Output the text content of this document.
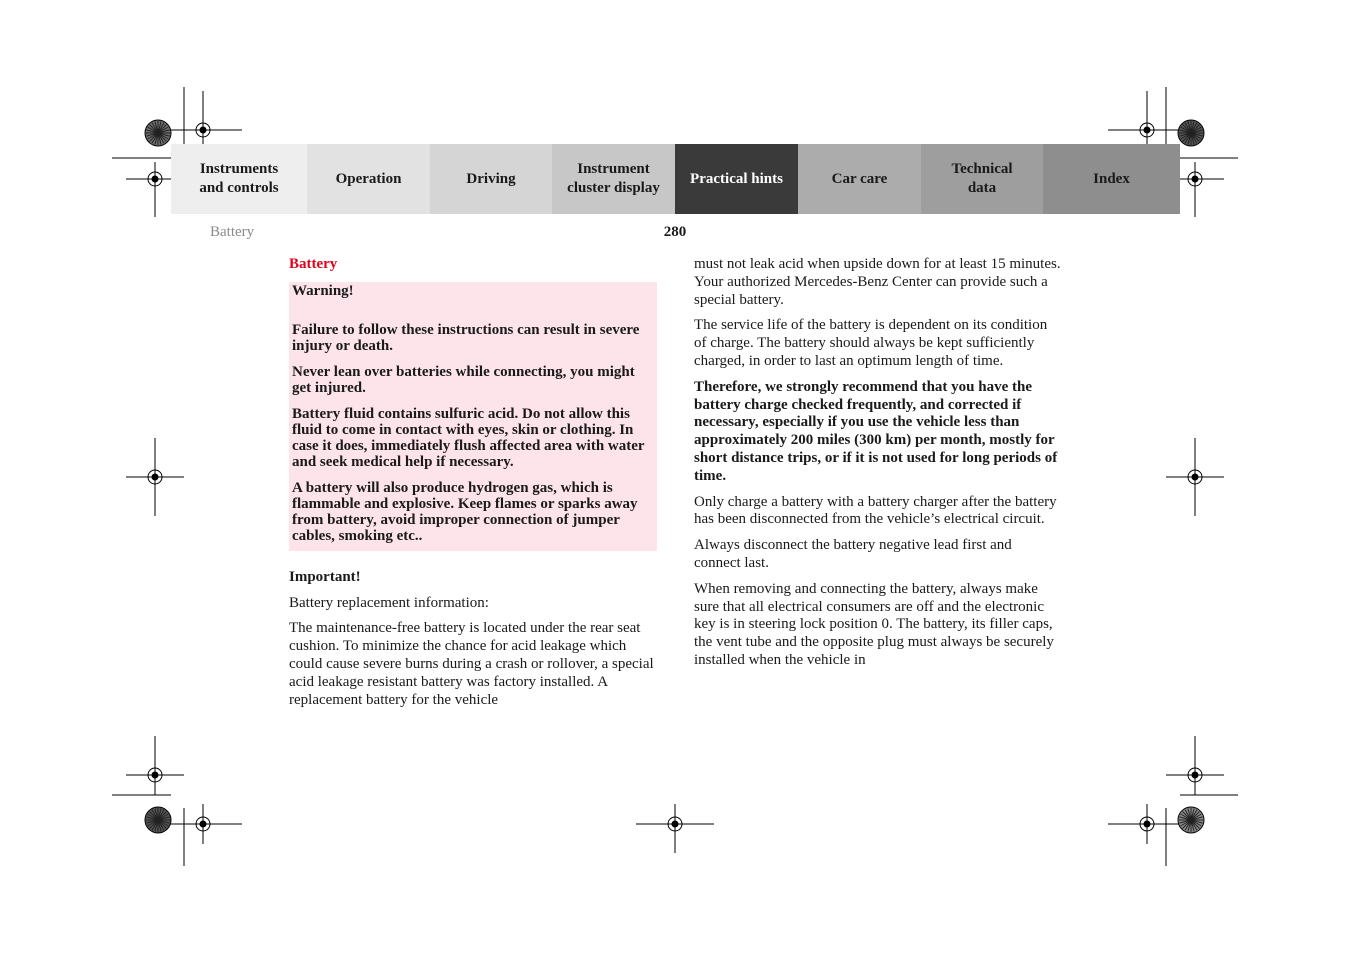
Instruments
and controls
Operation	Driving
Instrument
cluster display
Practical hints	Car care
Technical
data
Index
Battery	280

Battery

Warning!

Failure to follow these instructions can result in severe injury or death.

Never lean over batteries while connecting, you might get injured.

Battery fluid contains sulfuric acid. Do not allow this fluid to come in contact with eyes, skin or clothing. In case it does, immediately flush affected area with water and seek medical help if necessary.

A battery will also produce hydrogen gas, which is flammable and explosive. Keep flames or sparks away from battery, avoid improper connection of jumper cables, smoking etc..

Important!

Battery replacement information:

The maintenance-free battery is located under the rear seat cushion. To minimize the chance for acid leakage which could cause severe burns during a crash or rollover, a special acid leakage resistant battery was factory installed. A replacement battery for the vehicle

must not leak acid when upside down for at least 15 minutes. Your authorized Mercedes-Benz Center can provide such a special battery.

The service life of the battery is dependent on its condition of charge. The battery should always be kept sufficiently charged, in order to last an optimum length of time.

Therefore, we strongly recommend that you have the battery charge checked frequently, and corrected if necessary, especially if you use the vehicle less than approximately 200 miles (300 km) per month, mostly for short distance trips, or if it is not used for long periods of time.

Only charge a battery with a battery charger after the battery has been disconnected from the vehicle’s electrical circuit.

Always disconnect the battery negative lead first and connect last.

When removing and connecting the battery, always make sure that all electrical consumers are off and the electronic key is in steering lock position 0. The battery, its filler caps, the vent tube and the opposite plug must always be securely installed when the vehicle in
